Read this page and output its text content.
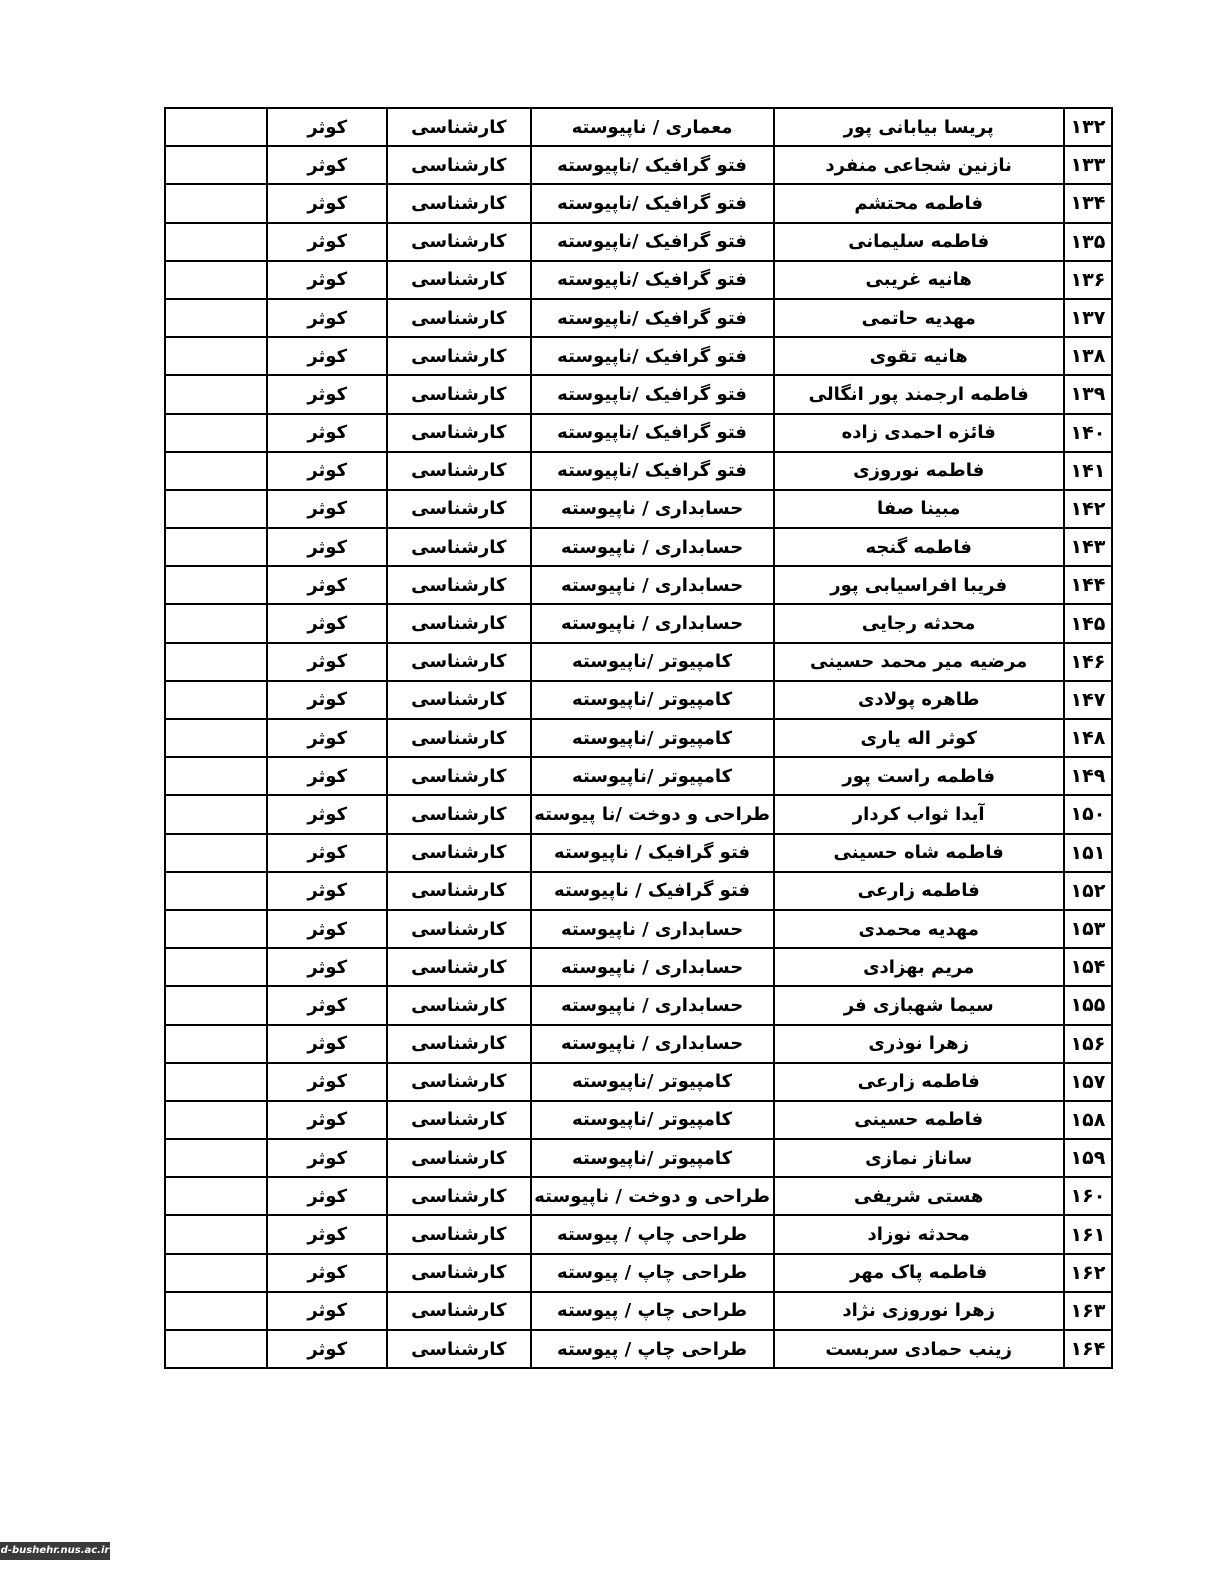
۱۳۲	پریسا بیابانی پور	معماری / ناپیوسته	کارشناسی	کوثر	
۱۳۳	نازنین شجاعی منفرد	فتو گرافیک /ناپیوسته	کارشناسی	کوثر	
۱۳۴	فاطمه محتشم	فتو گرافیک /ناپیوسته	کارشناسی	کوثر	
۱۳۵	فاطمه سلیمانی	فتو گرافیک /ناپیوسته	کارشناسی	کوثر	
۱۳۶	هانیه غریبی	فتو گرافیک /ناپیوسته	کارشناسی	کوثر	
۱۳۷	مهدیه حاتمی	فتو گرافیک /ناپیوسته	کارشناسی	کوثر	
۱۳۸	هانیه تقوی	فتو گرافیک /ناپیوسته	کارشناسی	کوثر	
۱۳۹	فاطمه ارجمند پور انگالی	فتو گرافیک /ناپیوسته	کارشناسی	کوثر	
۱۴۰	فائزه احمدی زاده	فتو گرافیک /ناپیوسته	کارشناسی	کوثر	
۱۴۱	فاطمه نوروزی	فتو گرافیک /ناپیوسته	کارشناسی	کوثر	
۱۴۲	مبینا صفا	حسابداری / ناپیوسته	کارشناسی	کوثر	
۱۴۳	فاطمه گنجه	حسابداری / ناپیوسته	کارشناسی	کوثر	
۱۴۴	فریبا افراسیابی پور	حسابداری / ناپیوسته	کارشناسی	کوثر	
۱۴۵	محدثه رجایی	حسابداری / ناپیوسته	کارشناسی	کوثر	
۱۴۶	مرضیه میر محمد حسینی	کامپیوتر /ناپیوسته	کارشناسی	کوثر	
۱۴۷	طاهره پولادی	کامپیوتر /ناپیوسته	کارشناسی	کوثر	
۱۴۸	کوثر اله یاری	کامپیوتر /ناپیوسته	کارشناسی	کوثر	
۱۴۹	فاطمه راست پور	کامپیوتر /ناپیوسته	کارشناسی	کوثر	
۱۵۰	آیدا ثواب کردار	طراحی و دوخت /نا پیوسته	کارشناسی	کوثر	
۱۵۱	فاطمه شاه حسینی	فتو گرافیک / ناپیوسته	کارشناسی	کوثر	
۱۵۲	فاطمه زارعی	فتو گرافیک / ناپیوسته	کارشناسی	کوثر	
۱۵۳	مهدیه محمدی	حسابداری / ناپیوسته	کارشناسی	کوثر	
۱۵۴	مریم بهزادی	حسابداری / ناپیوسته	کارشناسی	کوثر	
۱۵۵	سیما شهبازی فر	حسابداری / ناپیوسته	کارشناسی	کوثر	
۱۵۶	زهرا نوذری	حسابداری / ناپیوسته	کارشناسی	کوثر	
۱۵۷	فاطمه زارعی	کامپیوتر /ناپیوسته	کارشناسی	کوثر	
۱۵۸	فاطمه حسینی	کامپیوتر /ناپیوسته	کارشناسی	کوثر	
۱۵۹	ساناز نمازی	کامپیوتر /ناپیوسته	کارشناسی	کوثر	
۱۶۰	هستی شریفی	طراحی و دوخت / ناپیوسته	کارشناسی	کوثر	
۱۶۱	محدثه نوزاد	طراحی چاپ / پیوسته	کارشناسی	کوثر	
۱۶۲	فاطمه پاک مهر	طراحی چاپ / پیوسته	کارشناسی	کوثر	
۱۶۳	زهرا نوروزی نژاد	طراحی چاپ / پیوسته	کارشناسی	کوثر	
۱۶۴	زینب حمادی سربست	طراحی چاپ / پیوسته	کارشناسی	کوثر	
d-bushehr.nus.ac.ir
